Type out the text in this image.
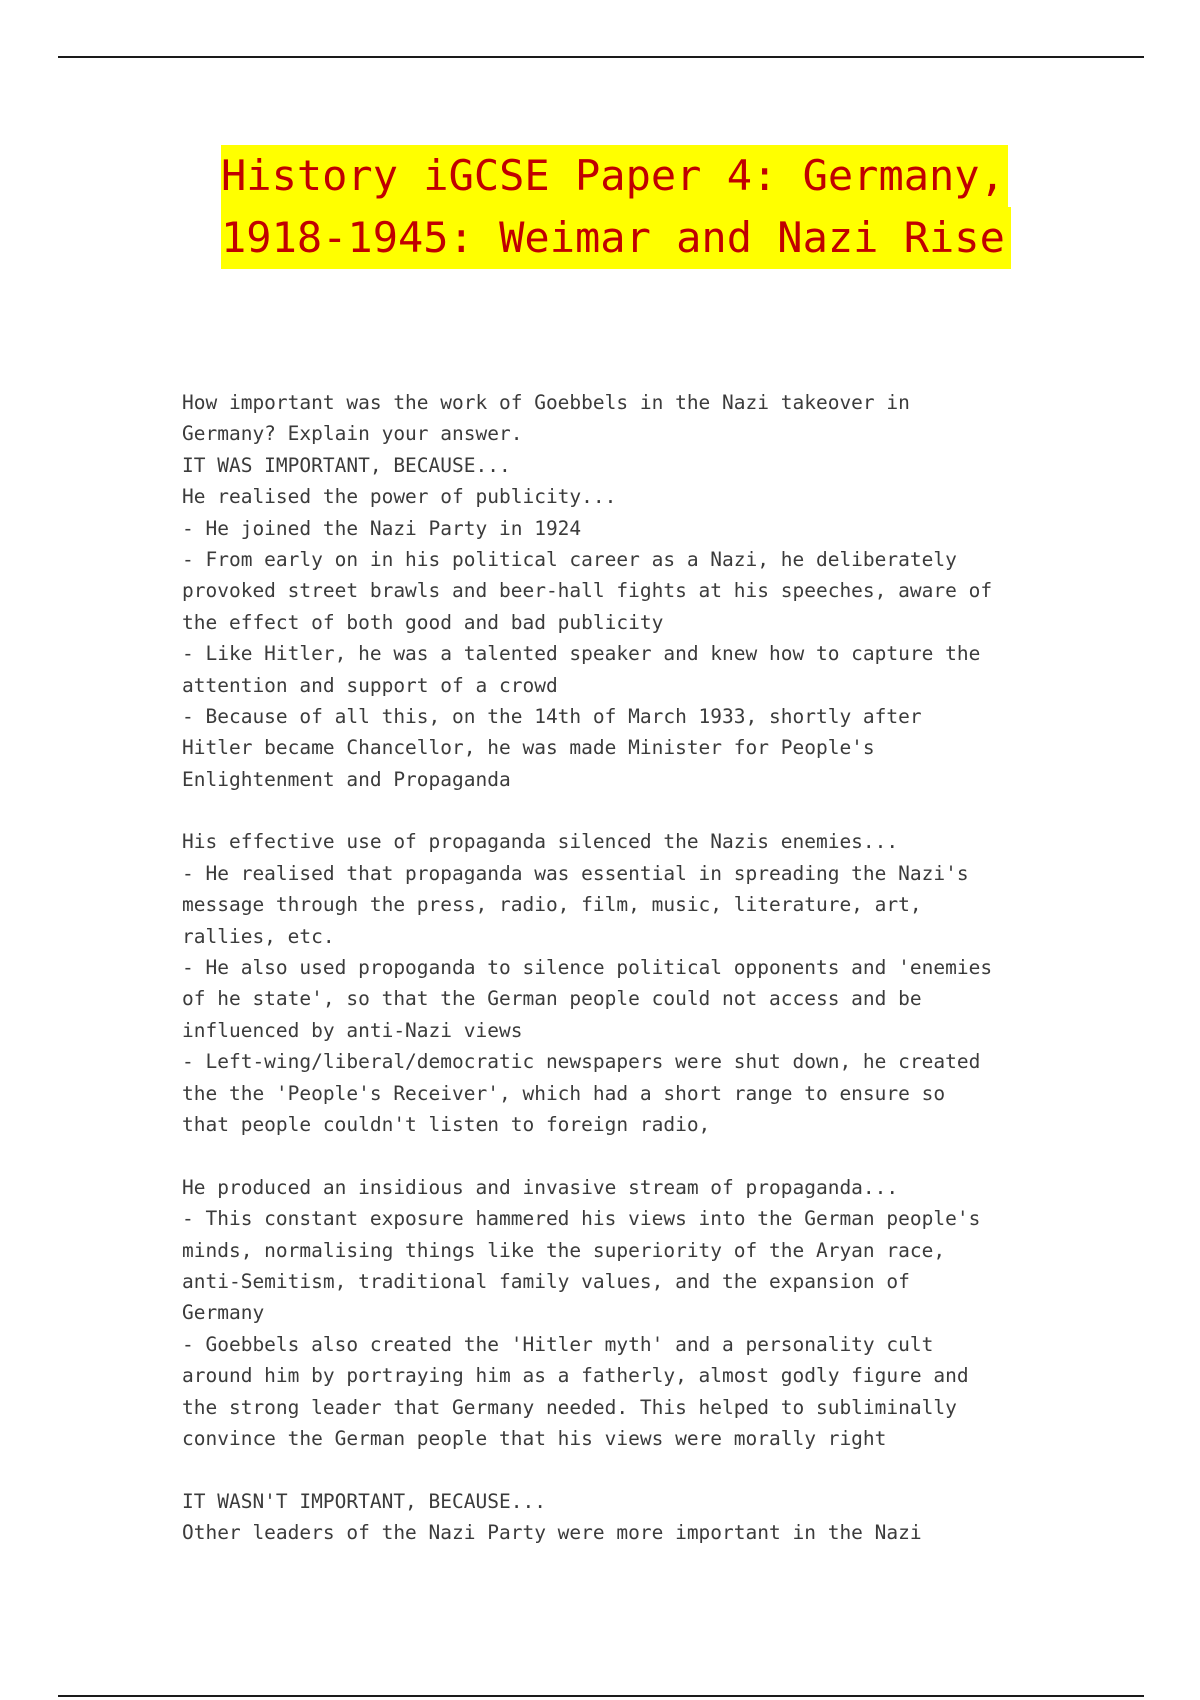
History iGCSE Paper 4: Germany,
1918-1945: Weimar and Nazi Rise
How important was the work of Goebbels in the Nazi takeover in
Germany? Explain your answer.
IT WAS IMPORTANT, BECAUSE...
He realised the power of publicity...
- He joined the Nazi Party in 1924
- From early on in his political career as a Nazi, he deliberately
provoked street brawls and beer-hall fights at his speeches, aware of
the effect of both good and bad publicity
- Like Hitler, he was a talented speaker and knew how to capture the
attention and support of a crowd
- Because of all this, on the 14th of March 1933, shortly after
Hitler became Chancellor, he was made Minister for People's
Enlightenment and Propaganda
His effective use of propaganda silenced the Nazis enemies...
- He realised that propaganda was essential in spreading the Nazi's
message through the press, radio, film, music, literature, art,
rallies, etc.
- He also used propoganda to silence political opponents and 'enemies
of he state', so that the German people could not access and be
influenced by anti-Nazi views
- Left-wing/liberal/democratic newspapers were shut down, he created
the the 'People's Receiver', which had a short range to ensure so
that people couldn't listen to foreign radio,
He produced an insidious and invasive stream of propaganda...
- This constant exposure hammered his views into the German people's
minds, normalising things like the superiority of the Aryan race,
anti-Semitism, traditional family values, and the expansion of
Germany
- Goebbels also created the 'Hitler myth' and a personality cult
around him by portraying him as a fatherly, almost godly figure and
the strong leader that Germany needed. This helped to subliminally
convince the German people that his views were morally right
IT WASN'T IMPORTANT, BECAUSE...
Other leaders of the Nazi Party were more important in the Nazi
